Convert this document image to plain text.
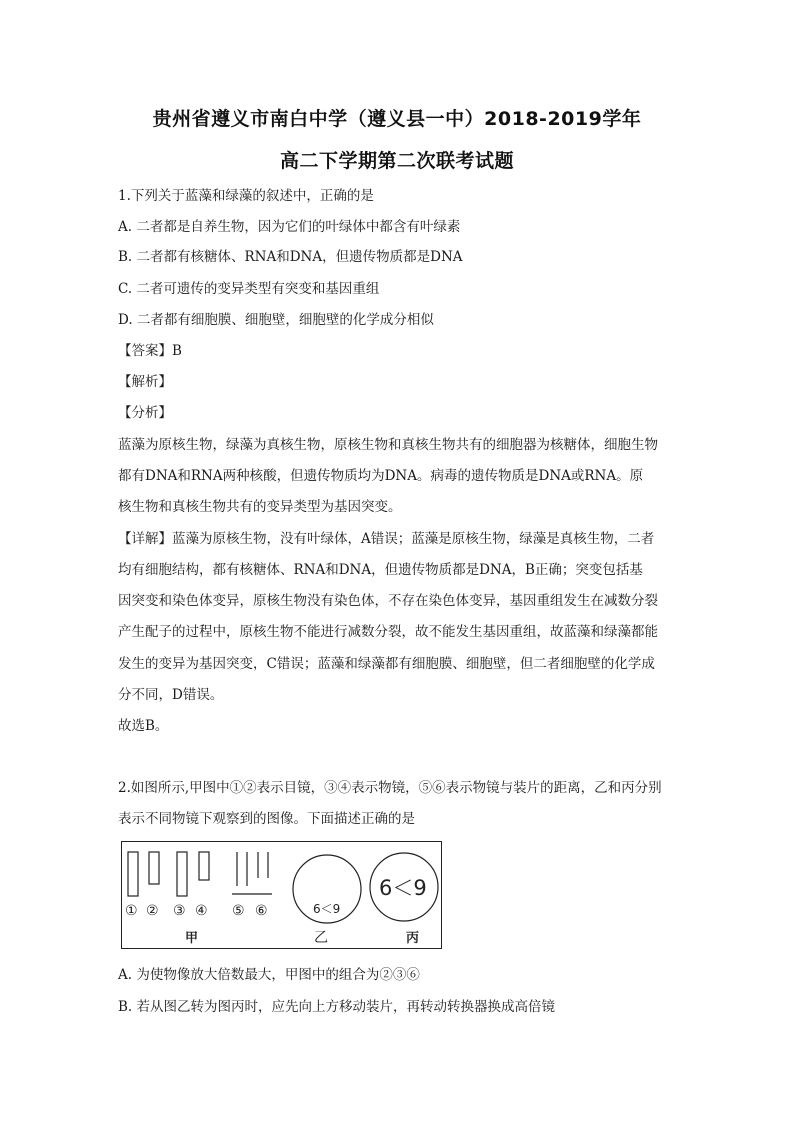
贵州省遵义市南白中学（遵义县一中）2018-2019学年
高二下学期第二次联考试题
1.下列关于蓝藻和绿藻的叙述中，正确的是
A. 二者都是自养生物，因为它们的叶绿体中都含有叶绿素
B. 二者都有核糖体、RNA和DNA，但遗传物质都是DNA
C. 二者可遗传的变异类型有突变和基因重组
D. 二者都有细胞膜、细胞壁，细胞壁的化学成分相似
【答案】B
【解析】
【分析】
蓝藻为原核生物，绿藻为真核生物，原核生物和真核生物共有的细胞器为核糖体，细胞生物
都有DNA和RNA两种核酸，但遗传物质均为DNA。病毒的遗传物质是DNA或RNA。原
核生物和真核生物共有的变异类型为基因突变。
【详解】蓝藻为原核生物，没有叶绿体，A错误；蓝藻是原核生物，绿藻是真核生物，二者
均有细胞结构，都有核糖体、RNA和DNA，但遗传物质都是DNA，B正确；突变包括基
因突变和染色体变异，原核生物没有染色体，不存在染色体变异，基因重组发生在减数分裂
产生配子的过程中，原核生物不能进行减数分裂，故不能发生基因重组，故蓝藻和绿藻都能
发生的变异为基因突变，C错误；蓝藻和绿藻都有细胞膜、细胞壁，但二者细胞壁的化学成
分不同，D错误。
故选B。
2.如图所示,甲图中①②表示目镜，③④表示物镜，⑤⑥表示物镜与装片的距离，乙和丙分别
表示不同物镜下观察到的图像。下面描述正确的是
① ② ③ ④ ⑤ ⑥	6＜9
6＜9
甲	乙	丙
A. 为使物像放大倍数最大，甲图中的组合为②③⑥
B. 若从图乙转为图丙时，应先向上方移动装片，再转动转换器换成高倍镜
